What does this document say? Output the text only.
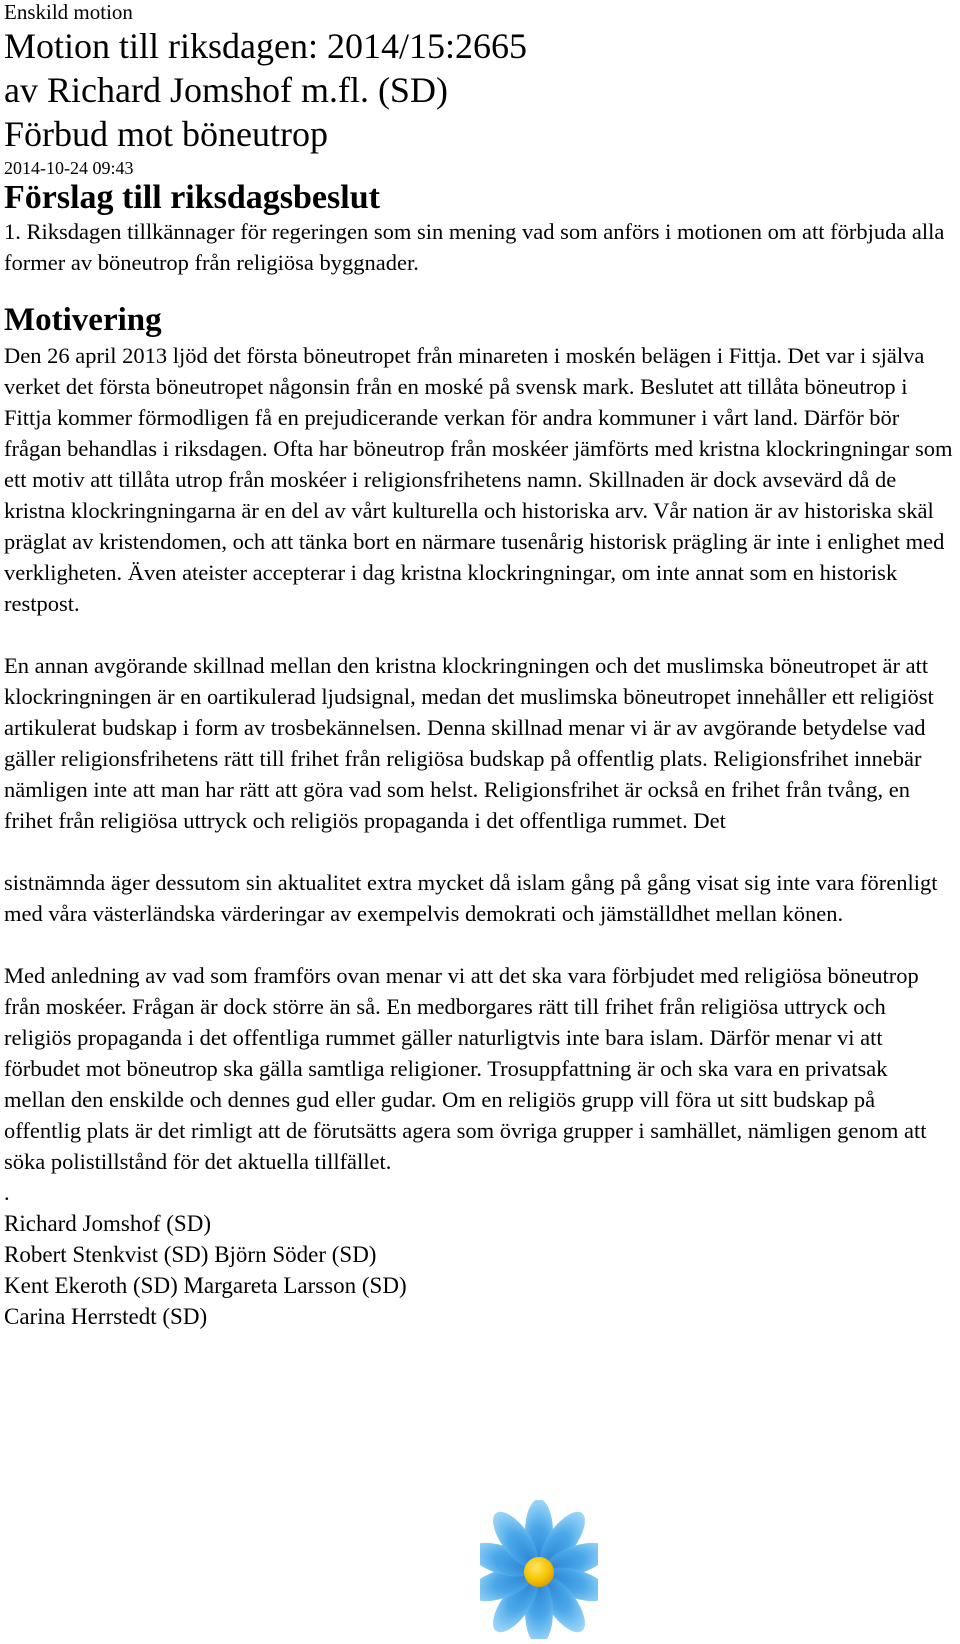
Enskild motion

Motion till riksdagen: 2014/15:2665
av Richard Jomshof m.fl. (SD)
Förbud mot böneutrop

2014-10-24 09:43

Förslag till riksdagsbeslut

1. Riksdagen tillkännager för regeringen som sin mening vad som anförs i motionen om att förbjuda alla former av böneutrop från religiösa byggnader.

Motivering

Den 26 april 2013 ljöd det första böneutropet från minareten i moskén belägen i Fittja. Det var i själva verket det första böneutropet någonsin från en moské på svensk mark. Beslutet att tillåta böneutrop i Fittja kommer förmodligen få en prejudicerande verkan för andra kommuner i vårt land. Därför bör frågan behandlas i riksdagen. Ofta har böneutrop från moskéer jämförts med kristna klockringningar som ett motiv att tillåta utrop från moskéer i religionsfrihetens namn. Skillnaden är dock avsevärd då de kristna klockringningarna är en del av vårt kulturella och historiska arv. Vår nation är av historiska skäl präglat av kristendomen, och att tänka bort en närmare tusenårig historisk prägling är inte i enlighet med verkligheten. Även ateister accepterar i dag kristna klockringningar, om inte annat som en historisk restpost.

En annan avgörande skillnad mellan den kristna klockringningen och det muslimska böneutropet är att klockringningen är en oartikulerad ljudsignal, medan det muslimska böneutropet innehåller ett religiöst artikulerat budskap i form av trosbekännelsen. Denna skillnad menar vi är av avgörande betydelse vad gäller religionsfrihetens rätt till frihet från religiösa budskap på offentlig plats. Religionsfrihet innebär nämligen inte att man har rätt att göra vad som helst. Religionsfrihet är också en frihet från tvång, en frihet från religiösa uttryck och religiös propaganda i det offentliga rummet. Det

sistnämnda äger dessutom sin aktualitet extra mycket då islam gång på gång visat sig inte vara förenligt med våra västerländska värderingar av exempelvis demokrati och jämställdhet mellan könen.

Med anledning av vad som framförs ovan menar vi att det ska vara förbjudet med religiösa böneutrop från moskéer. Frågan är dock större än så. En medborgares rätt till frihet från religiösa uttryck och religiös propaganda i det offentliga rummet gäller naturligtvis inte bara islam. Därför menar vi att förbudet mot böneutrop ska gälla samtliga religioner. Trosuppfattning är och ska vara en privatsak mellan den enskilde och dennes gud eller gudar. Om en religiös grupp vill föra ut sitt budskap på offentlig plats är det rimligt att de förutsätts agera som övriga grupper i samhället, nämligen genom att söka polistillstånd för det aktuella tillfället.

.

Richard Jomshof (SD)

Robert Stenkvist (SD) Björn Söder (SD)

Kent Ekeroth (SD) Margareta Larsson (SD)

Carina Herrstedt (SD)
